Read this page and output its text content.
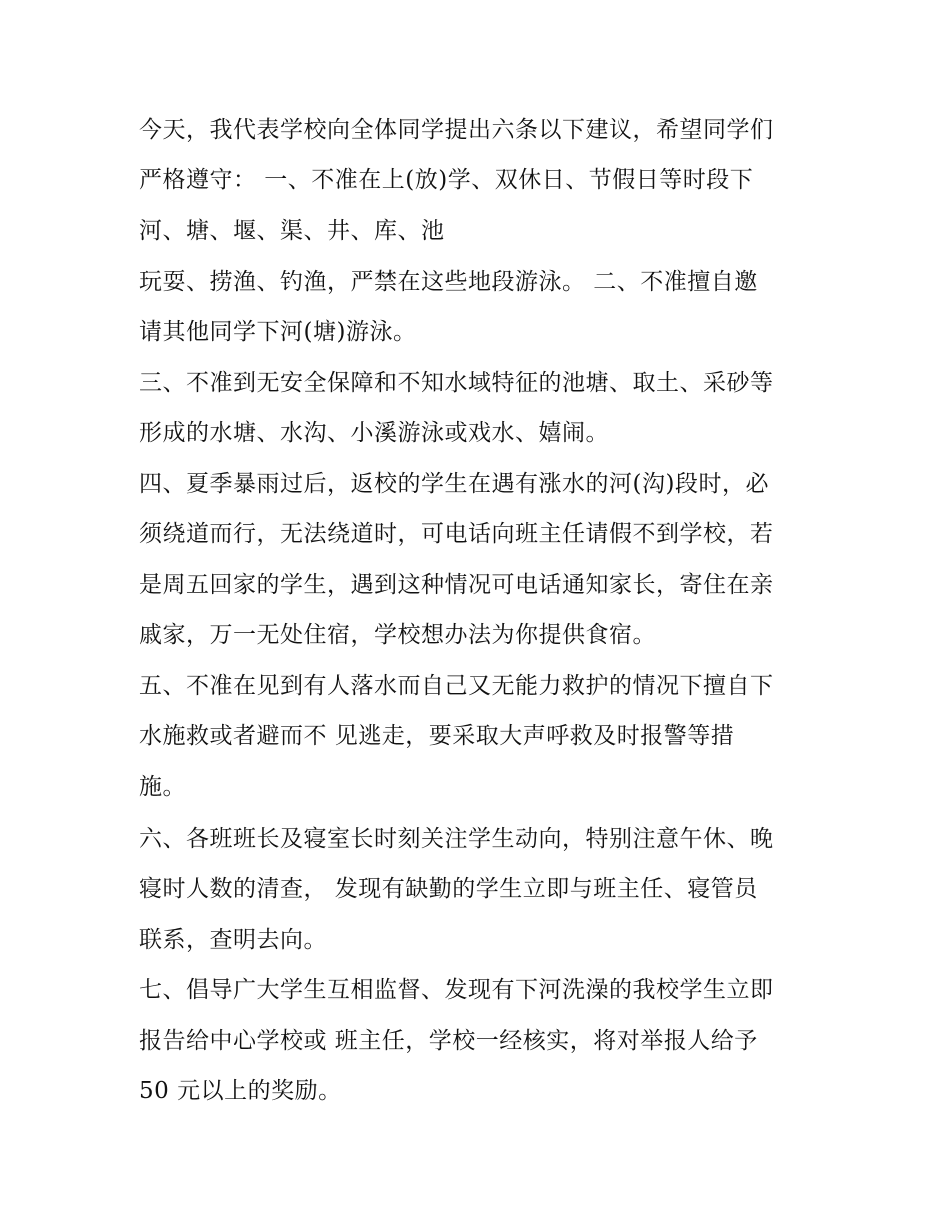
今天，我代表学校向全体同学提出六条以下建议，希望同学们
严格遵守： 一、不准在上(放)学、双休日、节假日等时段下
河、塘、堰、渠、井、库、池
玩耍、捞渔、钓渔，严禁在这些地段游泳。 二、不准擅自邀
请其他同学下河(塘)游泳。
三、不准到无安全保障和不知水域特征的池塘、取土、采砂等
形成的水塘、水沟、小溪游泳或戏水、嬉闹。
四、夏季暴雨过后，返校的学生在遇有涨水的河(沟)段时，必
须绕道而行，无法绕道时，可电话向班主任请假不到学校，若
是周五回家的学生，遇到这种情况可电话通知家长，寄住在亲
戚家，万一无处住宿，学校想办法为你提供食宿。
五、不准在见到有人落水而自己又无能力救护的情况下擅自下
水施救或者避而不 见逃走，要采取大声呼救及时报警等措
施。
六、各班班长及寝室长时刻关注学生动向，特别注意午休、晚
寝时人数的清查， 发现有缺勤的学生立即与班主任、寝管员
联系，查明去向。
七、倡导广大学生互相监督、发现有下河洗澡的我校学生立即
报告给中心学校或 班主任，学校一经核实，将对举报人给予
50 元以上的奖励。
